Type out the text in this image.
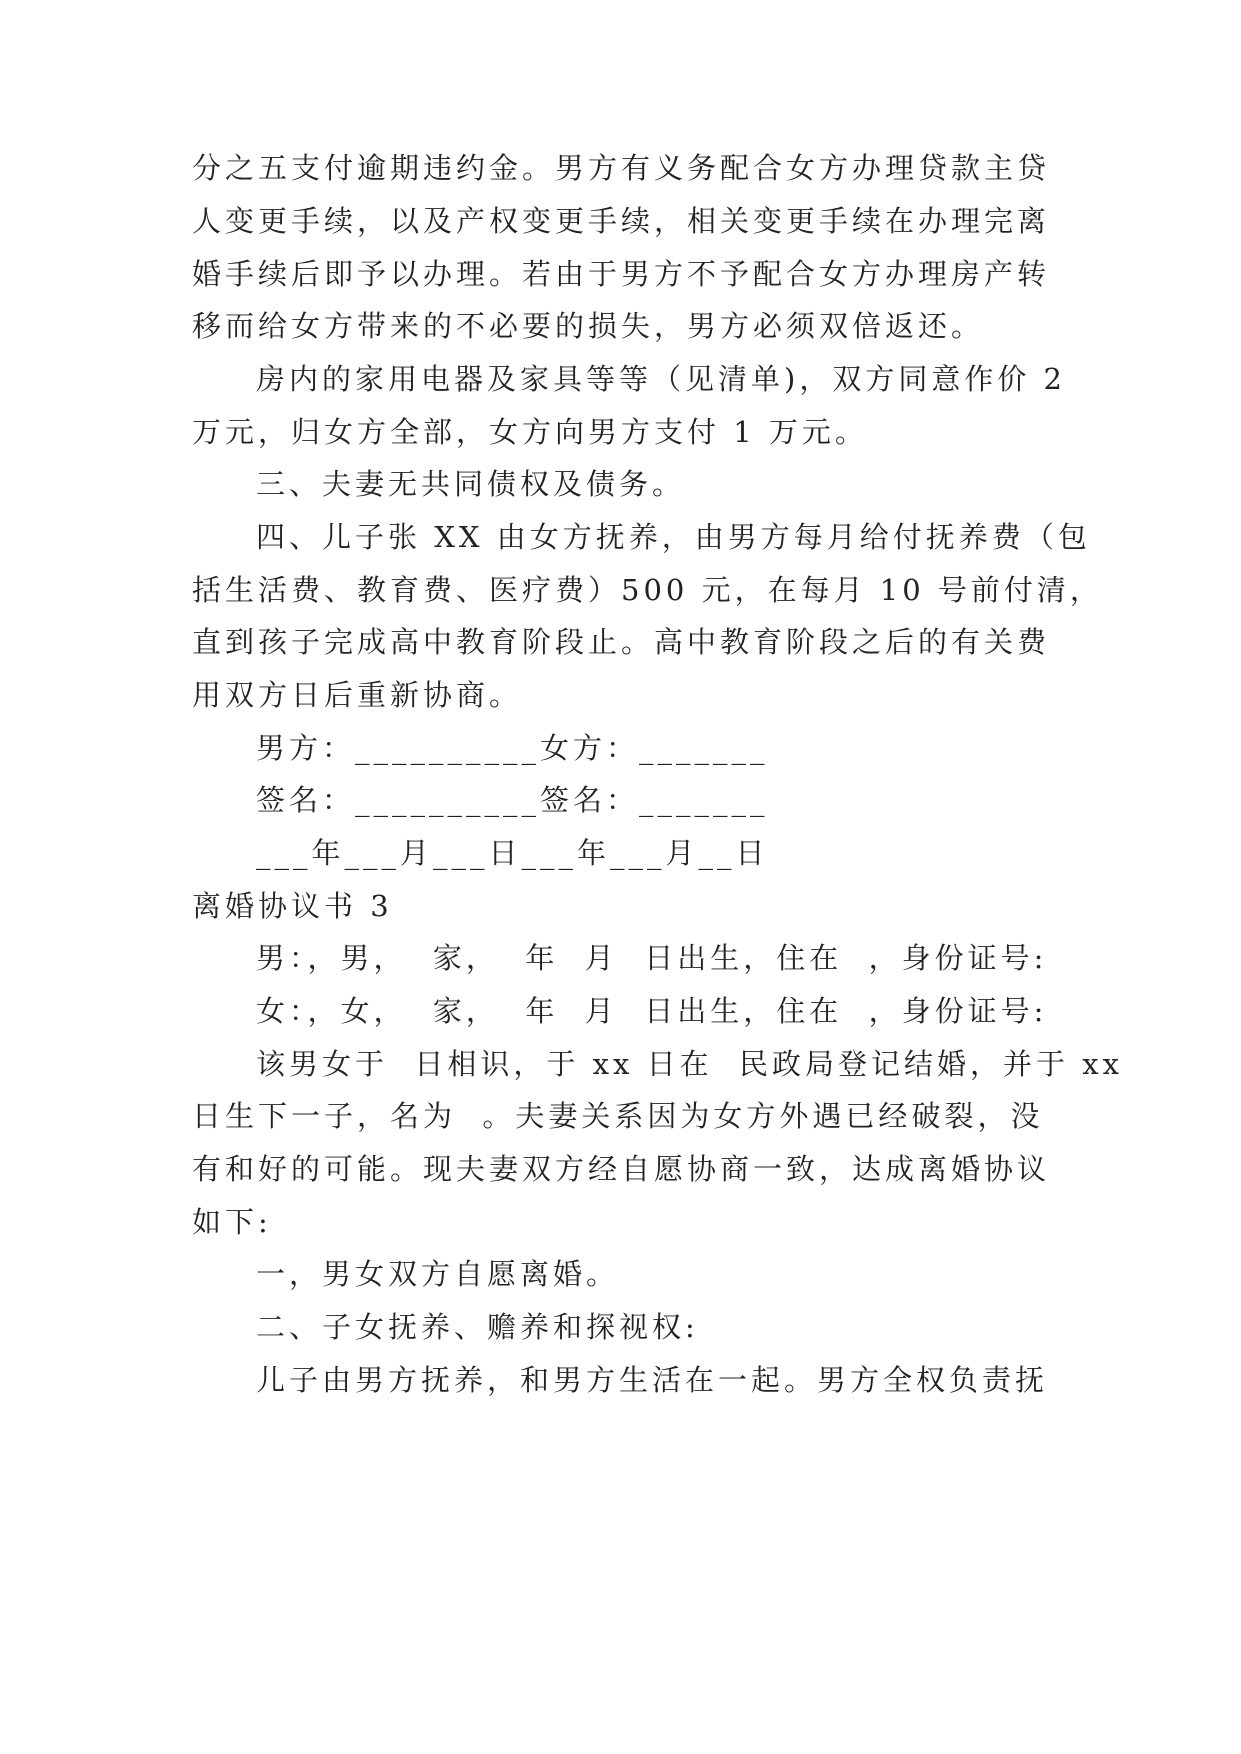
分之五支付逾期违约金。男方有义务配合女方办理贷款主贷
人变更手续，以及产权变更手续，相关变更手续在办理完离
婚手续后即予以办理。若由于男方不予配合女方办理房产转
移而给女方带来的不必要的损失，男方必须双倍返还。
房内的家用电器及家具等等（见清单)，双方同意作价 2
万元，归女方全部，女方向男方支付 1 万元。
三、夫妻无共同债权及债务。
四、儿子张 XX 由女方抚养，由男方每月给付抚养费（包
括生活费、教育费、医疗费）500 元，在每月 10 号前付清，
直到孩子完成高中教育阶段止。高中教育阶段之后的有关费
用双方日后重新协商。
男方：__________女方：_______
签名：__________签名：_______
___年___月___日___年___月__日
离婚协议书 3
男：，男，  家，  年  月  日出生，住在  ，身份证号:
女：，女，  家，  年  月  日出生，住在  ，身份证号:
该男女于  日相识，于 xx 日在  民政局登记结婚，并于 xx
日生下一子，名为  。夫妻关系因为女方外遇已经破裂，没
有和好的可能。现夫妻双方经自愿协商一致，达成离婚协议
如下:
一，男女双方自愿离婚。
二、子女抚养、赡养和探视权:
儿子由男方抚养，和男方生活在一起。男方全权负责抚
